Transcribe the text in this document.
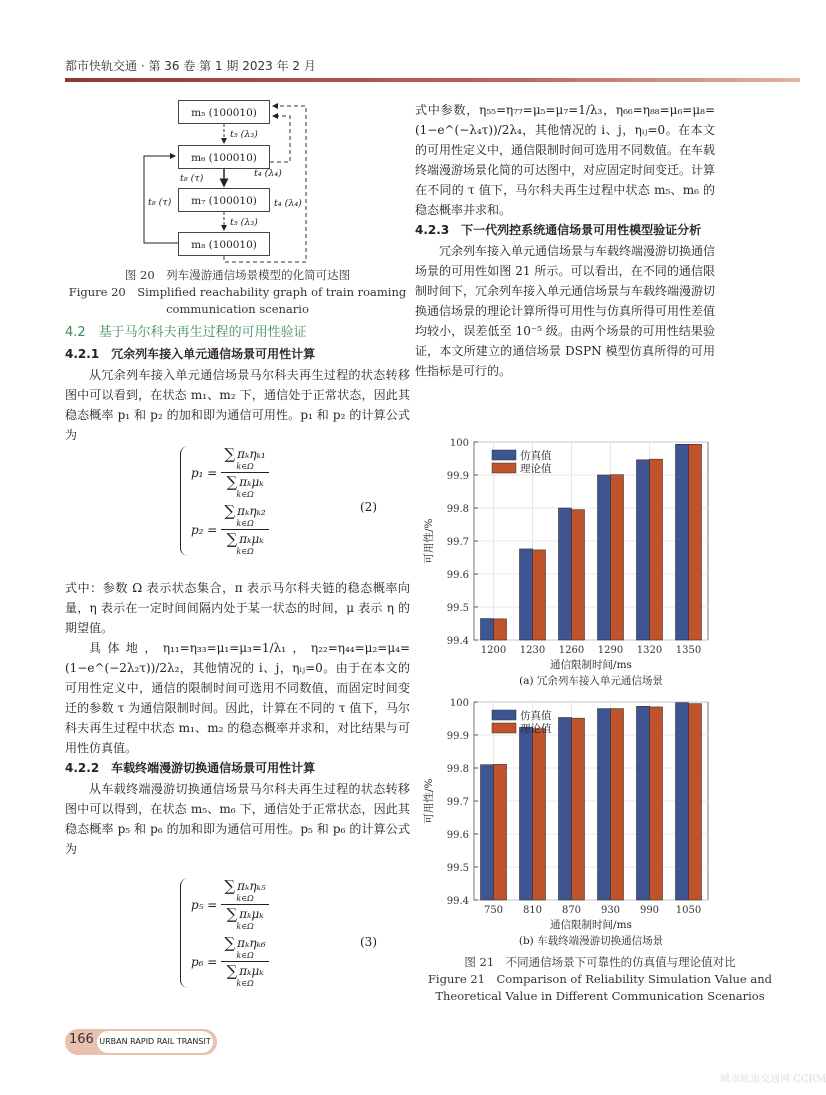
都市快轨交通 · 第 36 卷 第 1 期 2023 年 2 月
m₅ (100010)
m₆ (100010)
m₇ (100010)
m₈ (100010)
t₅ (λ₃)
t₄ (λ₄)
t₈ (τ)
t₈ (τ)	t₄ (λ₄)
t₅ (λ₃)
图 20　列车漫游通信场景模型的化简可达图
Figure 20　Simplified reachability graph of train roaming
communication scenario
4.2　基于马尔科夫再生过程的可用性验证
4.2.1　冗余列车接入单元通信场景可用性计算

从冗余列车接入单元通信场景马尔科夫再生过程的状态转移图中可以看到，在状态 m₁、m₂ 下，通信处于正常状态，因此其稳态概率 p₁ 和 p₂ 的加和即为通信可用性。p₁ 和 p₂ 的计算公式为

p₁ = ∑ πₖηₖ₁
k∈Ω
∑ πₖμₖ
k∈Ω
p₂ = ∑ πₖηₖ₂
k∈Ω
∑ πₖμₖ
k∈Ω	(2)

式中：参数 Ω 表示状态集合，π 表示马尔科夫链的稳态概率向量，η 表示在一定时间间隔内处于某一状态的时间，μ 表示 η 的期望值。

具体地，η₁₁=η₃₃=μ₁=μ₃=1/λ₁，η₂₂=η₄₄=μ₂=μ₄=(1−e^(−2λ₂τ))/2λ₂，其他情况的 i、j，ηᵢⱼ=0。由于在本文的可用性定义中，通信的限制时间可选用不同数值，而固定时间变迁的参数 τ 为通信限制时间。因此，计算在不同的 τ 值下，马尔科夫再生过程中状态 m₁、m₂ 的稳态概率并求和，对比结果与可用性仿真值。

4.2.2　车载终端漫游切换通信场景可用性计算

从车载终端漫游切换通信场景马尔科夫再生过程的状态转移图中可以得到，在状态 m₅、m₆ 下，通信处于正常状态，因此其稳态概率 p₅ 和 p₆ 的加和即为通信可用性。p₅ 和 p₆ 的计算公式为

p₅ = ∑ πₖηₖ₅
k∈Ω
∑ πₖμₖ
k∈Ω
p₆ = ∑ πₖηₖ₆
k∈Ω
∑ πₖμₖ
k∈Ω	(3)

式中参数，η₅₅=η₇₇=μ₅=μ₇=1/λ₃，η₆₆=η₈₈=μ₆=μ₈=(1−e^(−λ₄τ))/2λ₄，其他情况的 i、j，ηᵢⱼ=0。在本文的可用性定义中，通信限制时间可选用不同数值。在车载终端漫游场景化简的可达图中，对应固定时间变迁。计算在不同的 τ 值下，马尔科夫再生过程中状态 m₅、m₆ 的稳态概率并求和。

4.2.3　下一代列控系统通信场景可用性模型验证分析

冗余列车接入单元通信场景与车载终端漫游切换通信场景的可用性如图 21 所示。可以看出，在不同的通信限制时间下，冗余列车接入单元通信场景与车载终端漫游切换通信场景的理论计算所得可用性与仿真所得可用性差值均较小，误差低至 10⁻⁵ 级。由两个场景的可用性结果验证，本文所建立的通信场景 DSPN 模型仿真所得的可用性指标是可行的。

99.4
99.5
99.6
99.7
99.8
99.9
100
1200 1230 1260 1290 1320 1350
仿真值
理论值
通信限制时间/ms
可用性/%
(a) 冗余列车接入单元通信场景
99.4
99.5
99.6
99.7
99.8
99.9
100
750 810 870 930 990 1050
仿真值
理论值
通信限制时间/ms
可用性/%
(b) 车载终端漫游切换通信场景
图 21　不同通信场景下可靠性的仿真值与理论值对比
Figure 21　Comparison of Reliability Simulation Value and
Theoretical Value in Different Communication Scenarios
166 URBAN RAPID RAIL TRANSIT
城市轨道交通网 CCRM
